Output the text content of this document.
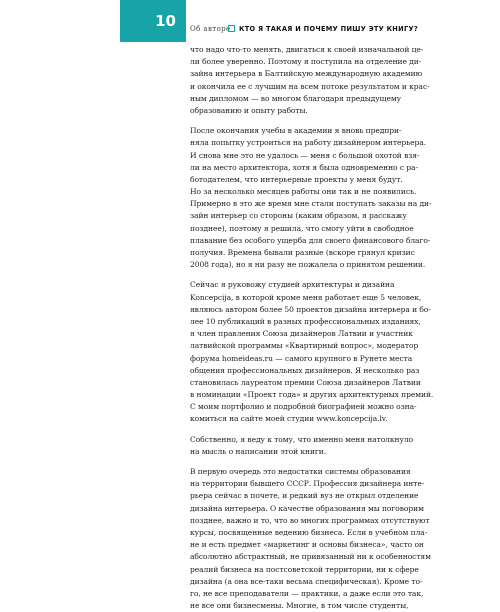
10	Об авторе КТО Я ТАКАЯ И ПОЧЕМУ ПИШУ ЭТУ КНИГУ?
что надо что-то менять, двигаться к своей изначальной це-
ли более уверенно. Поэтому я поступила на отделение ди-
зайна интерьера в Балтийскую международную академию
и окончила ее с лучшим на всем потоке результатом и крас-
ным дипломом — во многом благодаря предыдущему
образованию и опыту работы.
После окончания учебы в академии я вновь предпри-
няла попытку устроиться на работу дизайнером интерьера.
И снова мне это не удалось — меня с большой охотой взя-
ли на место архитектора, хотя я была одновременно с ра-
ботодателем, что интерьерные проекты у меня будут.
Но за несколько месяцев работы они так и не появились.
Примерно в это же время мне стали поступать заказы на ди-
зайн интерьер со стороны (каким образом, я расскажу
позднее), поэтому я решила, что смогу уйти в свободное
плавание без особого ущерба для своего финансового благо-
получия. Времена бывали разные (вскоре грянул кризис
2008 года), но я ни разу не пожалела о принятом решении.
Сейчас я руковожу студией архитектуры и дизайна
Koncepcija, в которой кроме меня работает еще 5 человек,
являюсь автором более 50 проектов дизайна интерьера и бо-
лее 10 публикаций в разных профессиональных изданиях,
я член правления Союза дизайнеров Латвии и участник
латвийской программы «Квартирный вопрос», модератор
форума homeideas.ru — самого крупного в Рунете места
общения профессиональных дизайнеров. Я несколько раз
становилась лауреатом премии Союза дизайнеров Латвии
в номинации «Проект года» и других архитектурных премий.
С моим портфолио и подробной биографией можно озна-
комиться на сайте моей студии www.koncepcija.lv.
Собственно, я веду к тому, что именно меня натолкнуло
на мысль о написании этой книги.
В первую очередь это недостатки системы образования
на территории бывшего СССР. Профессия дизайнера инте-
рьера сейчас в почете, и редкий вуз не открыл отделение
дизайна интерьера. О качестве образования мы поговорим
позднее, важно и то, что во многих программах отсутствуют
курсы, посвященные ведению бизнеса. Если в учебном пла-
не и есть предмет «маркетинг и основы бизнеса», часто он
абсолютно абстрактный, не привязанный ни к особенностям
реалий бизнеса на постсоветской территории, ни к сфере
дизайна (а она все-таки весьма специфическая). Кроме то-
го, не все преподаватели — практики, а даже если это так,
не все они бизнесмены. Многие, в том числе студенты,
